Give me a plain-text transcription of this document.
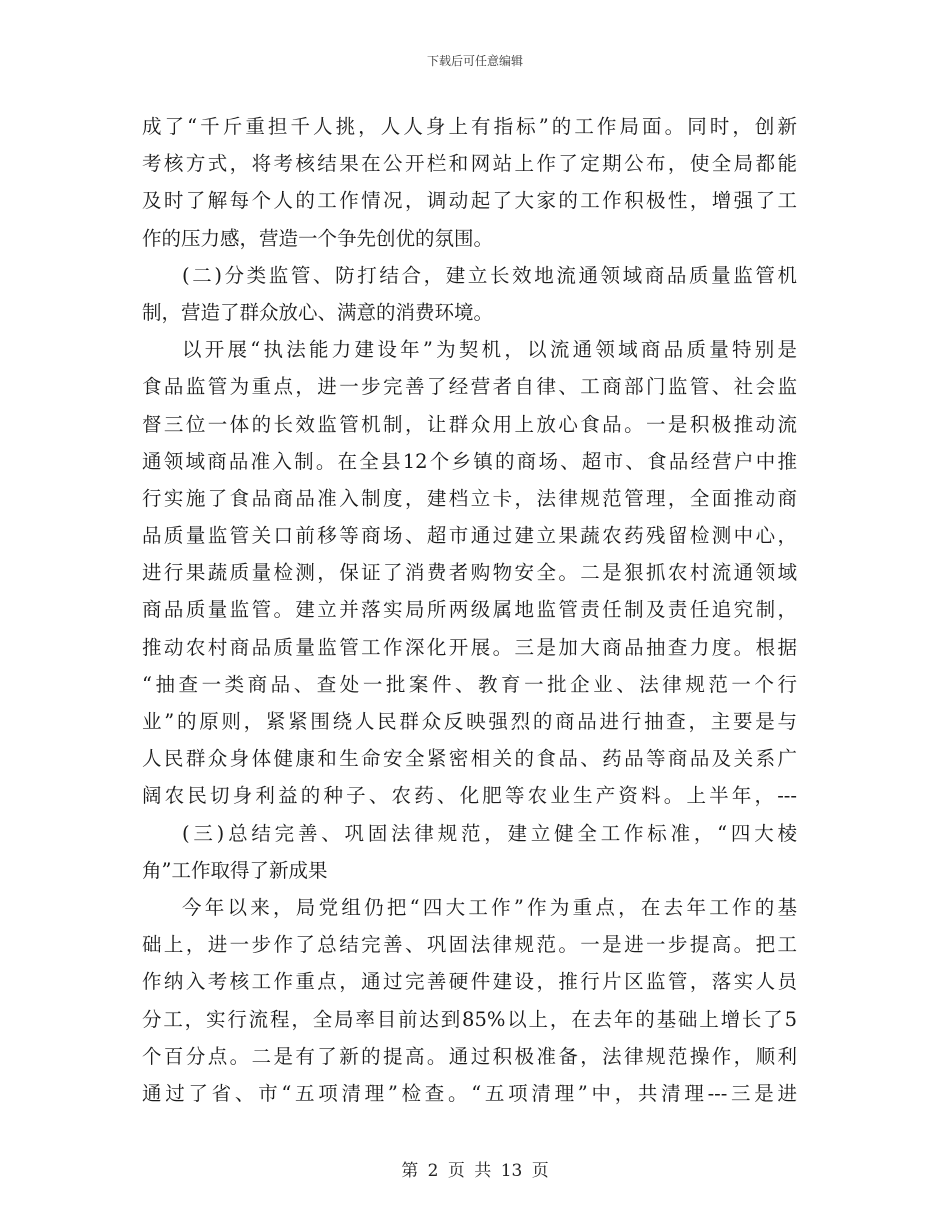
下载后可任意编辑
成了“千斤重担千人挑，人人身上有指标”的工作局面。同时，创新
考核方式，将考核结果在公开栏和网站上作了定期公布，使全局都能
及时了解每个人的工作情况，调动起了大家的工作积极性，增强了工
作的压力感，营造一个争先创优的氛围。
(二)分类监管、防打结合，建立长效地流通领域商品质量监管机
制，营造了群众放心、满意的消费环境。
以开展“执法能力建设年”为契机，以流通领域商品质量特别是
食品监管为重点，进一步完善了经营者自律、工商部门监管、社会监
督三位一体的长效监管机制，让群众用上放心食品。一是积极推动流
通领域商品准入制。在全县12个乡镇的商场、超市、食品经营户中推
行实施了食品商品准入制度，建档立卡，法律规范管理，全面推动商
品质量监管关口前移等商场、超市通过建立果蔬农药残留检测中心，
进行果蔬质量检测，保证了消费者购物安全。二是狠抓农村流通领域
商品质量监管。建立并落实局所两级属地监管责任制及责任追究制，
推动农村商品质量监管工作深化开展。三是加大商品抽查力度。根据
“抽查一类商品、查处一批案件、教育一批企业、法律规范一个行
业”的原则，紧紧围绕人民群众反映强烈的商品进行抽查，主要是与
人民群众身体健康和生命安全紧密相关的食品、药品等商品及关系广
阔农民切身利益的种子、农药、化肥等农业生产资料。上半年，---
(三)总结完善、巩固法律规范，建立健全工作标准，“四大棱
角”工作取得了新成果
今年以来，局党组仍把“四大工作”作为重点，在去年工作的基
础上，进一步作了总结完善、巩固法律规范。一是进一步提高。把工
作纳入考核工作重点，通过完善硬件建设，推行片区监管，落实人员
分工，实行流程，全局率目前达到85%以上，在去年的基础上增长了5
个百分点。二是有了新的提高。通过积极准备，法律规范操作，顺利
通过了省、市“五项清理”检查。“五项清理”中，共清理---三是进
第 2 页 共 13 页
